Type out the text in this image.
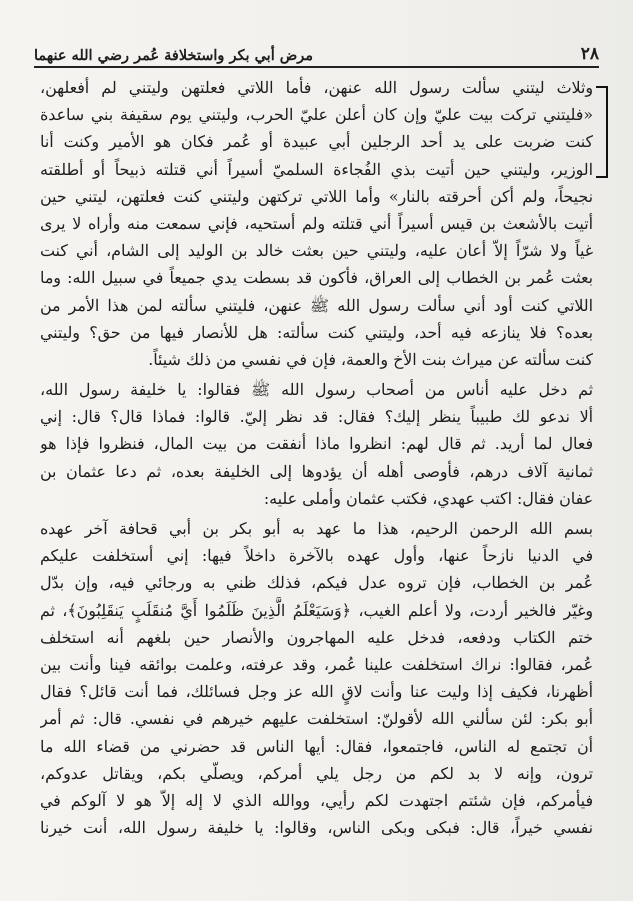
٢٨
مرض أبي بكر واستخلافة عُمر رضي الله عنهما
وثلاث ليتني سألت رسول الله عنهن، فأما اللاتي فعلتهن وليتني لم أفعلهن،
«فليتني تركت بيت عليّ وإن كان أعلن عليّ الحرب، وليتني يوم سقيفة بني ساعدة
كنت ضربت على يد أحد الرجلين أبي عبيدة أو عُمر فكان هو الأمير وكنت أنا
الوزير، وليتني حين أتيت بذي الفُجاءة السلميّ أسيراً أني قتلته ذبيحاً أو أطلقته
نجيحاً، ولم أكن أحرقته بالنار» وأما اللاتي تركتهن وليتني كنت فعلتهن، ليتني حين
أتيت بالأشعث بن قيس أسيراً أني قتلته ولم أستحيه، فإني سمعت منه وأراه لا يرى
غياً ولا شرّاً إلاّ أعان عليه، وليتني حين بعثت خالد بن الوليد إلى الشام، أني كنت
بعثت عُمر بن الخطاب إلى العراق، فأكون قد بسطت يدي جميعاً في سبيل الله: وما
اللاتي كنت أود أني سألت رسول الله ﷺ عنهن، فليتني سألته لمن هذا الأمر من
بعده؟ فلا ينازعه فيه أحد، وليتني كنت سألته: هل للأنصار فيها من حق؟ وليتني
كنت سألته عن ميراث بنت الأخ والعمة، فإن في نفسي من ذلك شيئاً.
ثم دخل عليه أناس من أصحاب رسول الله ﷺ فقالوا: يا خليفة رسول الله،
ألا ندعو لك طبيباً ينظر إليك؟ فقال: قد نظر إليّ. قالوا: فماذا قال؟ قال: إني
فعال لما أريد. ثم قال لهم: انظروا ماذا أنفقت من بيت المال، فنظروا فإذا هو
ثمانية آلاف درهم، فأوصى أهله أن يؤدوها إلى الخليفة بعده، ثم دعا عثمان بن
عفان فقال: اكتب عهدي، فكتب عثمان وأملى عليه:
بسم الله الرحمن الرحيم، هذا ما عهد به أبو بكر بن أبي قحافة آخر عهده
في الدنيا نازحاً عنها، وأول عهده بالآخرة داخلاً فيها: إني أستخلفت عليكم
عُمر بن الخطاب، فإن تروه عدل فيكم، فذلك ظني به ورجائي فيه، وإن بدّل
وغيّر فالخير أردت، ولا أعلم الغيب، ﴿وَسَيَعْلَمُ الَّذِينَ ظَلَمُوا أَيَّ مُنقَلَبٍ يَنقَلِبُونَ﴾، ثم
ختم الكتاب ودفعه، فدخل عليه المهاجرون والأنصار حين بلغهم أنه استخلف
عُمر، فقالوا: نراك استخلفت علينا عُمر، وقد عرفته، وعلمت بوائقه فينا وأنت بين
أظهرنا، فكيف إذا وليت عنا وأنت لاقٍ الله عز وجل فسائلك، فما أنت قائل؟ فقال
أبو بكر: لئن سألني الله لأقولنّ: استخلفت عليهم خيرهم في نفسي. قال: ثم أمر
أن تجتمع له الناس، فاجتمعوا، فقال: أيها الناس قد حضرني من قضاء الله ما
ترون، وإنه لا بد لكم من رجل يلي أمركم، ويصلّي بكم، ويقاتل عدوكم،
فيأمركم، فإن شئتم اجتهدت لكم رأيي، ووالله الذي لا إله إلاّ هو لا آلوكم في
نفسي خيراً، قال: فبكى وبكى الناس، وقالوا: يا خليفة رسول الله، أنت خيرنا
